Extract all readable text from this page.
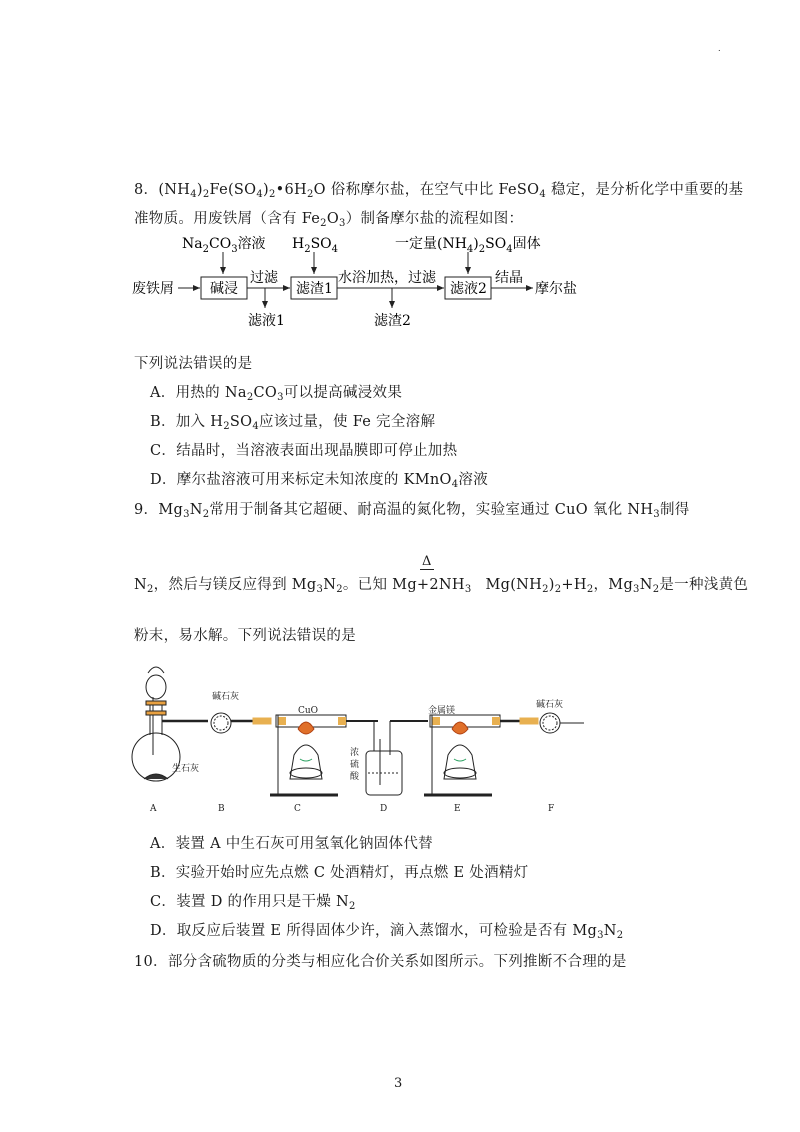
.
8．$(NH_4)_2Fe(SO_4)_2•6H_2O$ 俗称摩尔盐，在空气中比 FeSO$_4$ 稳定，是分析化学中重要的基
准物质。用废铁屑（含有 $Fe_2O_3$）制备摩尔盐的流程如图：
$Na_2CO_3$溶液 $H_2SO_4$	一定量$(NH_4)_2SO_4$固体
废铁屑	碱浸
过滤
滤液1
滤渣1
水浴加热，过滤
滤渣2
滤液2
结晶
摩尔盐
下列说法错误的是
A．用热的 $Na_2CO_3$可以提高碱浸效果
B．加入 $H_2SO_4$应该过量，使 Fe 完全溶解
C．结晶时，当溶液表面出现晶膜即可停止加热
D．摩尔盐溶液可用来标定未知浓度的 KMnO$_4$溶液
9．$Mg_3N_2$常用于制备其它超硬、耐高温的氮化物，实验室通过 CuO 氧化 $NH_3$制得
Δ
$N_2$，然后与镁反应得到 $Mg_3N_2$。已知 $Mg+2NH_3$ $Mg(NH_2)_2+H_2$，$Mg_3N_2$是一种浅黄色
粉末，易水解。下列说法错误的是
碱石灰
CuO
生石灰
浓
硫
酸
金属镁
碱石灰
A	B	C	D	E	F
A．装置 A 中生石灰可用氢氧化钠固体代替
B．实验开始时应先点燃 C 处酒精灯，再点燃 E 处酒精灯
C．装置 D 的作用只是干燥 $N_2$
D．取反应后装置 E 所得固体少许，滴入蒸馏水，可检验是否有 $Mg_3N_2$
10．部分含硫物质的分类与相应化合价关系如图所示。下列推断不合理的是
3
